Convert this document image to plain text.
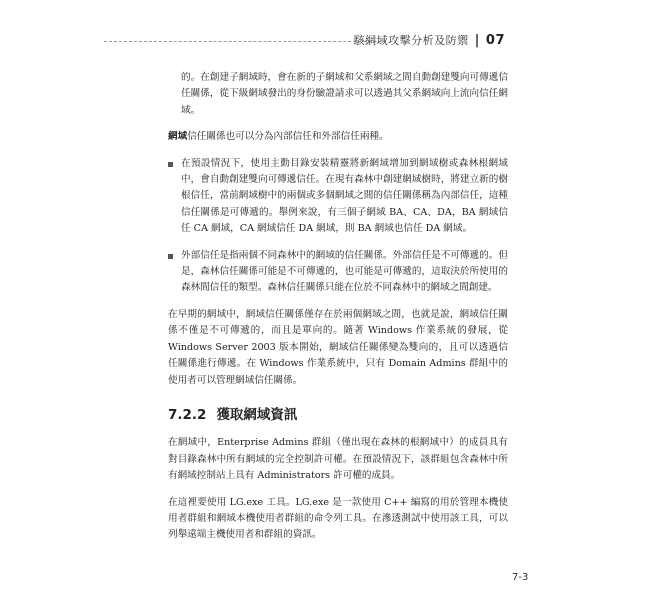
駭網域攻擊分析及防禦 | 07
的。在創建子網域時，會在新的子網域和父系網域之間自動創建雙向可傳遞信任關係，從下級網域發出的身份驗證請求可以透過其父系網域向上流向信任網域。
網域信任關係也可以分為內部信任和外部信任兩種。
在預設情況下，使用主動目錄安裝精靈將新網域增加到網域樹或森林根網域中，會自動創建雙向可傳遞信任。在現有森林中創建網域樹時，將建立新的樹根信任，當前網域樹中的兩個或多個網域之間的信任關係稱為內部信任，這種信任關係是可傳遞的。舉例來說，有三個子網域 BA、CA、DA，BA 網域信任 CA 網域，CA 網域信任 DA 網域，則 BA 網域也信任 DA 網域。
外部信任是指兩個不同森林中的網域的信任關係。外部信任是不可傳遞的。但是，森林信任關係可能是不可傳遞的，也可能是可傳遞的，這取決於所使用的森林間信任的類型。森林信任關係只能在位於不同森林中的網域之間創建。
在早期的網域中，網域信任關係僅存在於兩個網域之間，也就是說，網域信任關係不僅是不可傳遞的，而且是單向的。隨著 Windows 作業系統的發展，從 Windows Server 2003 版本開始，網域信任關係變為雙向的，且可以透過信任關係進行傳遞。在 Windows 作業系統中，只有 Domain Admins 群組中的使用者可以管理網域信任關係。
7.2.2 獲取網域資訊
在網域中，Enterprise Admins 群組（僅出現在森林的根網域中）的成員具有對目錄森林中所有網域的完全控制許可權。在預設情況下，該群組包含森林中所有網域控制站上具有 Administrators 許可權的成員。
在這裡要使用 LG.exe 工具。LG.exe 是一款使用 C++ 編寫的用於管理本機使用者群組和網域本機使用者群組的命令列工具。在滲透測試中使用該工具，可以列舉遠端主機使用者和群組的資訊。
7-3
